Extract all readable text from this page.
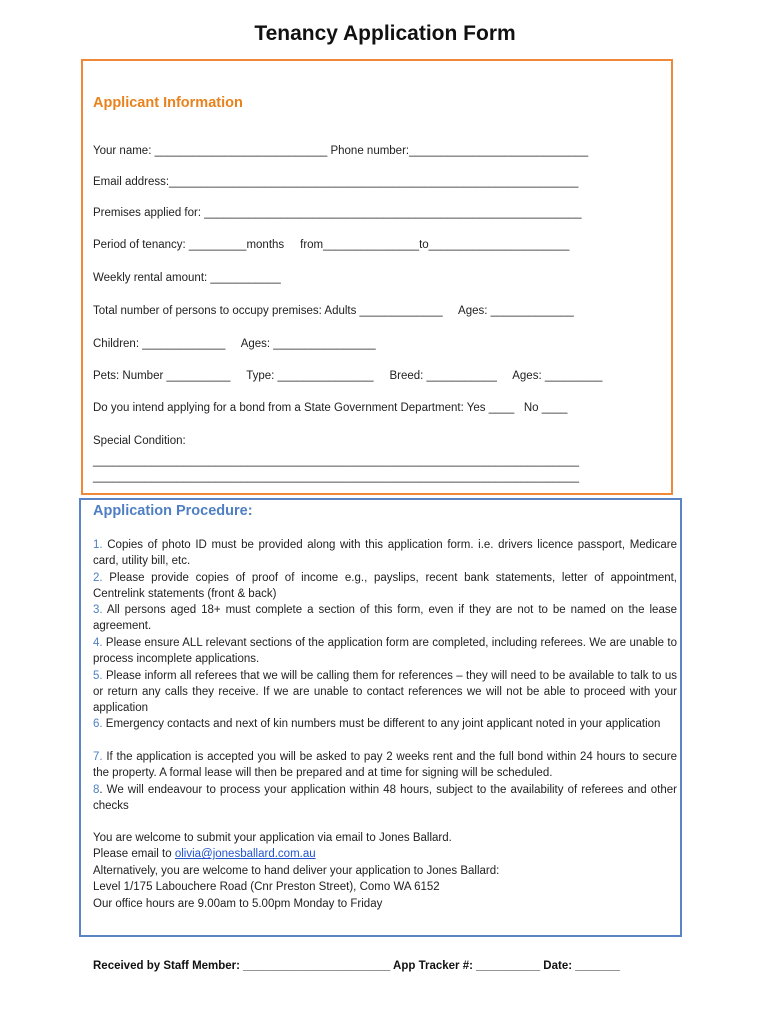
Tenancy Application Form
Applicant Information
Your name: ___________________________ Phone number:____________________________
Email address:________________________________________________________________
Premises applied for: ___________________________________________________________
Period of tenancy: _________months     from_______________to______________________
Weekly rental amount: ___________
Total number of persons to occupy premises: Adults _____________     Ages: _____________
Children: _____________     Ages: ________________
Pets: Number __________     Type: _______________     Breed: ___________     Ages: _________
Do you intend applying for a bond from a State Government Department: Yes ____   No ____
Special Condition:
____________________________________________________________________________
____________________________________________________________________________
Application Procedure:
1. Copies of photo ID must be provided along with this application form. i.e. drivers licence passport, Medicare card, utility bill, etc.
2. Please provide copies of proof of income e.g., payslips, recent bank statements, letter of appointment, Centrelink statements (front & back)
3. All persons aged 18+ must complete a section of this form, even if they are not to be named on the lease agreement.
4. Please ensure ALL relevant sections of the application form are completed, including referees. We are unable to process incomplete applications.
5. Please inform all referees that we will be calling them for references – they will need to be available to talk to us or return any calls they receive. If we are unable to contact references we will not be able to proceed with your application
6. Emergency contacts and next of kin numbers must be different to any joint applicant noted in your application
7. If the application is accepted you will be asked to pay 2 weeks rent and the full bond within 24 hours to secure the property. A formal lease will then be prepared and at time for signing will be scheduled.
8. We will endeavour to process your application within 48 hours, subject to the availability of referees and other checks
You are welcome to submit your application via email to Jones Ballard.
Please email to olivia@jonesballard.com.au
Alternatively, you are welcome to hand deliver your application to Jones Ballard:
Level 1/175 Labouchere Road (Cnr Preston Street), Como WA 6152
Our office hours are 9.00am to 5.00pm Monday to Friday
Received by Staff Member: _______________________ App Tracker #: __________ Date: _______
